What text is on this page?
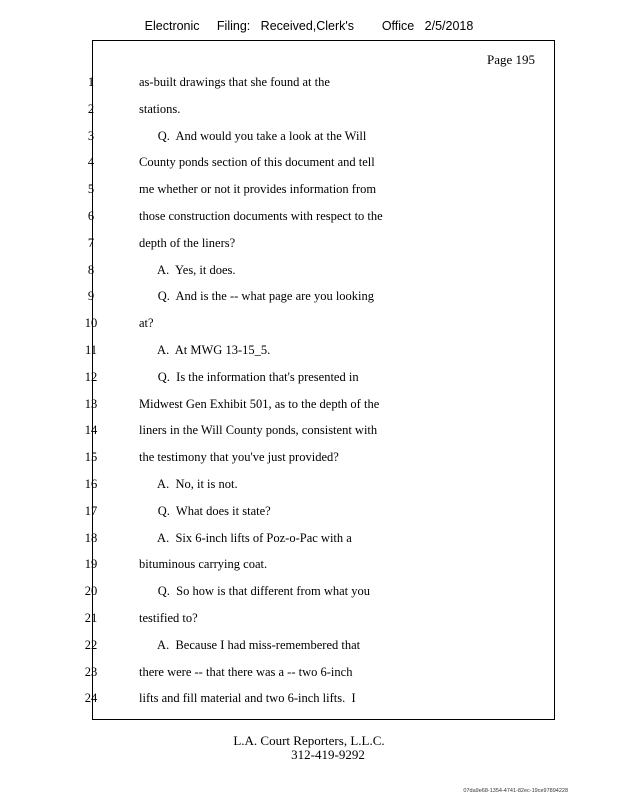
Electronic     Filing:   Received,Clerk's        Office   2/5/2018
Page 195
1	as-built drawings that she found at the
2	stations.
3	Q.  And would you take a look at the Will
4	County ponds section of this document and tell
5	me whether or not it provides information from
6	those construction documents with respect to the
7	depth of the liners?
8	A.  Yes, it does.
9	Q.  And is the -- what page are you looking
10	at?
11	A.  At MWG 13-15_5.
12	Q.  Is the information that's presented in
13	Midwest Gen Exhibit 501, as to the depth of the
14	liners in the Will County ponds, consistent with
15	the testimony that you've just provided?
16	A.  No, it is not.
17	Q.  What does it state?
18	A.  Six 6-inch lifts of Poz-o-Pac with a
19	bituminous carrying coat.
20	Q.  So how is that different from what you
21	testified to?
22	A.  Because I had miss-remembered that
23	there were -- that there was a -- two 6-inch
24	lifts and fill material and two 6-inch lifts.  I
L.A. Court Reporters, L.L.C.
312-419-9292
07da9e68-1354-4741-82ec-19ce97894228
